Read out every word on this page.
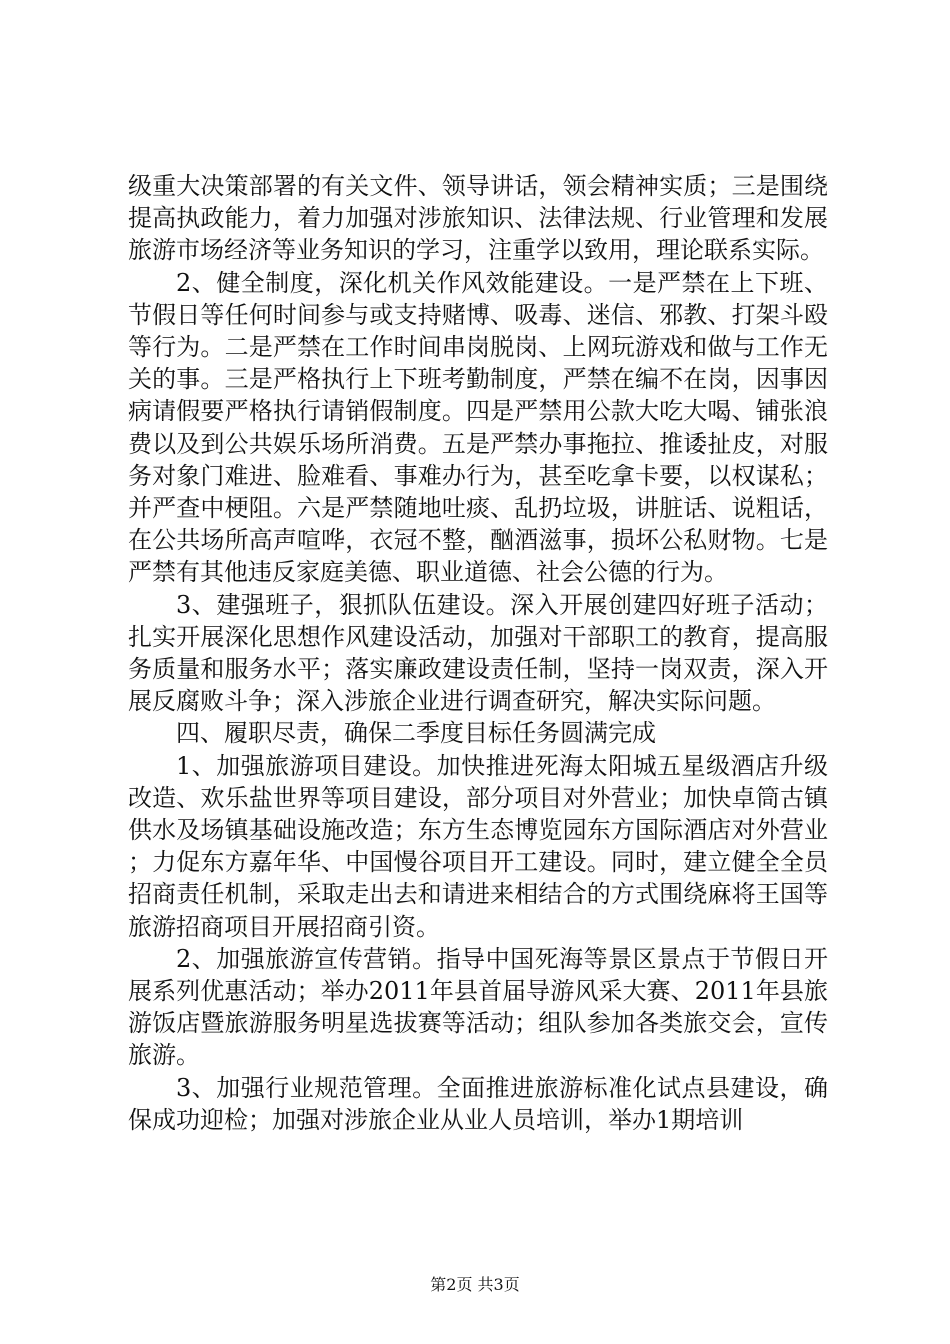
级重大决策部署的有关文件、领导讲话，领会精神实质；三是围绕提高执政能力，着力加强对涉旅知识、法律法规、行业管理和发展旅游市场经济等业务知识的学习，注重学以致用，理论联系实际。

2、健全制度，深化机关作风效能建设。一是严禁在上下班、节假日等任何时间参与或支持赌博、吸毒、迷信、邪教、打架斗殴等行为。二是严禁在工作时间串岗脱岗、上网玩游戏和做与工作无关的事。三是严格执行上下班考勤制度，严禁在编不在岗，因事因病请假要严格执行请销假制度。四是严禁用公款大吃大喝、铺张浪费以及到公共娱乐场所消费。五是严禁办事拖拉、推诿扯皮，对服务对象门难进、脸难看、事难办行为，甚至吃拿卡要，以权谋私；并严查中梗阻。六是严禁随地吐痰、乱扔垃圾，讲脏话、说粗话，在公共场所高声喧哗，衣冠不整，酗酒滋事，损坏公私财物。七是严禁有其他违反家庭美德、职业道德、社会公德的行为。

3、建强班子，狠抓队伍建设。深入开展创建四好班子活动；扎实开展深化思想作风建设活动，加强对干部职工的教育，提高服务质量和服务水平；落实廉政建设责任制，坚持一岗双责，深入开展反腐败斗争；深入涉旅企业进行调查研究，解决实际问题。

四、履职尽责，确保二季度目标任务圆满完成

1、加强旅游项目建设。加快推进死海太阳城五星级酒店升级改造、欢乐盐世界等项目建设，部分项目对外营业；加快卓筒古镇供水及场镇基础设施改造；东方生态博览园东方国际酒店对外营业；力促东方嘉年华、中国慢谷项目开工建设。同时，建立健全全员招商责任机制，采取走出去和请进来相结合的方式围绕麻将王国等旅游招商项目开展招商引资。

2、加强旅游宣传营销。指导中国死海等景区景点于节假日开展系列优惠活动；举办2011年县首届导游风采大赛、2011年县旅游饭店暨旅游服务明星选拔赛等活动；组队参加各类旅交会，宣传旅游。

3、加强行业规范管理。全面推进旅游标准化试点县建设，确保成功迎检；加强对涉旅企业从业人员培训，举办1期培训

第2页 共3页
